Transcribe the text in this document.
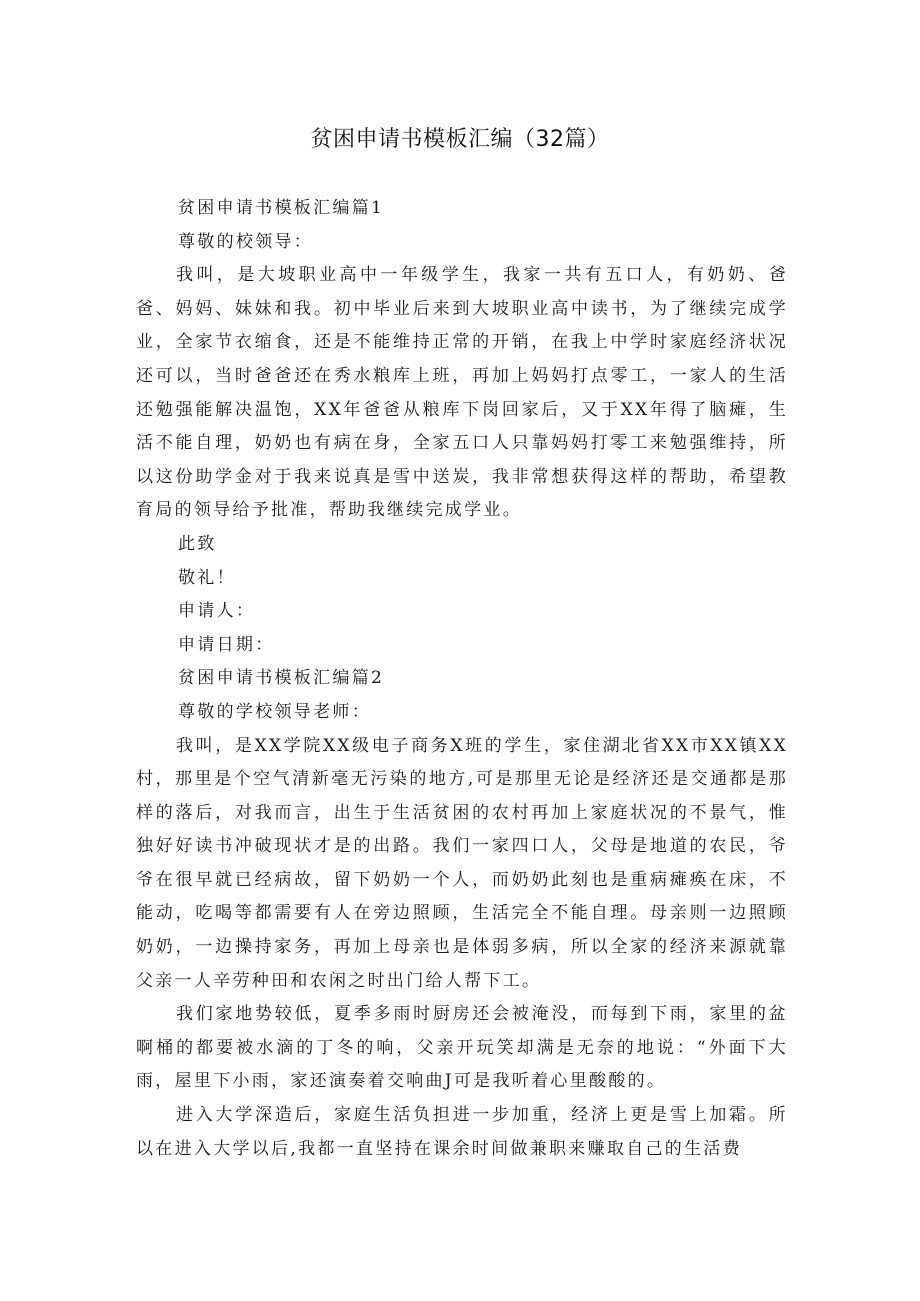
贫困申请书模板汇编（32篇）

贫困申请书模板汇编篇1

尊敬的校领导：

我叫，是大坡职业高中一年级学生，我家一共有五口人，有奶奶、爸爸、妈妈、妹妹和我。初中毕业后来到大坡职业高中读书，为了继续完成学业，全家节衣缩食，还是不能维持正常的开销，在我上中学时家庭经济状况还可以，当时爸爸还在秀水粮库上班，再加上妈妈打点零工，一家人的生活还勉强能解决温饱，XX年爸爸从粮库下岗回家后，又于XX年得了脑瘫，生活不能自理，奶奶也有病在身，全家五口人只靠妈妈打零工来勉强维持，所以这份助学金对于我来说真是雪中送炭，我非常想获得这样的帮助，希望教育局的领导给予批准，帮助我继续完成学业。

此致

敬礼！

申请人：

申请日期：

贫困申请书模板汇编篇2

尊敬的学校领导老师：

我叫，是XX学院XX级电子商务X班的学生，家住湖北省XX市XX镇XX村，那里是个空气清新毫无污染的地方,可是那里无论是经济还是交通都是那样的落后，对我而言，出生于生活贫困的农村再加上家庭状况的不景气，惟独好好读书冲破现状才是的出路。我们一家四口人，父母是地道的农民，爷爷在很早就已经病故，留下奶奶一个人，而奶奶此刻也是重病瘫痪在床，不能动，吃喝等都需要有人在旁边照顾，生活完全不能自理。母亲则一边照顾奶奶，一边操持家务，再加上母亲也是体弱多病，所以全家的经济来源就靠父亲一人辛劳种田和农闲之时出门给人帮下工。

我们家地势较低，夏季多雨时厨房还会被淹没，而每到下雨，家里的盆啊桶的都要被水滴的丁冬的响，父亲开玩笑却满是无奈的地说：“外面下大雨，屋里下小雨，家还演奏着交响曲J可是我听着心里酸酸的。

进入大学深造后，家庭生活负担进一步加重，经济上更是雪上加霜。所以在进入大学以后,我都一直坚持在课余时间做兼职来赚取自己的生活费
